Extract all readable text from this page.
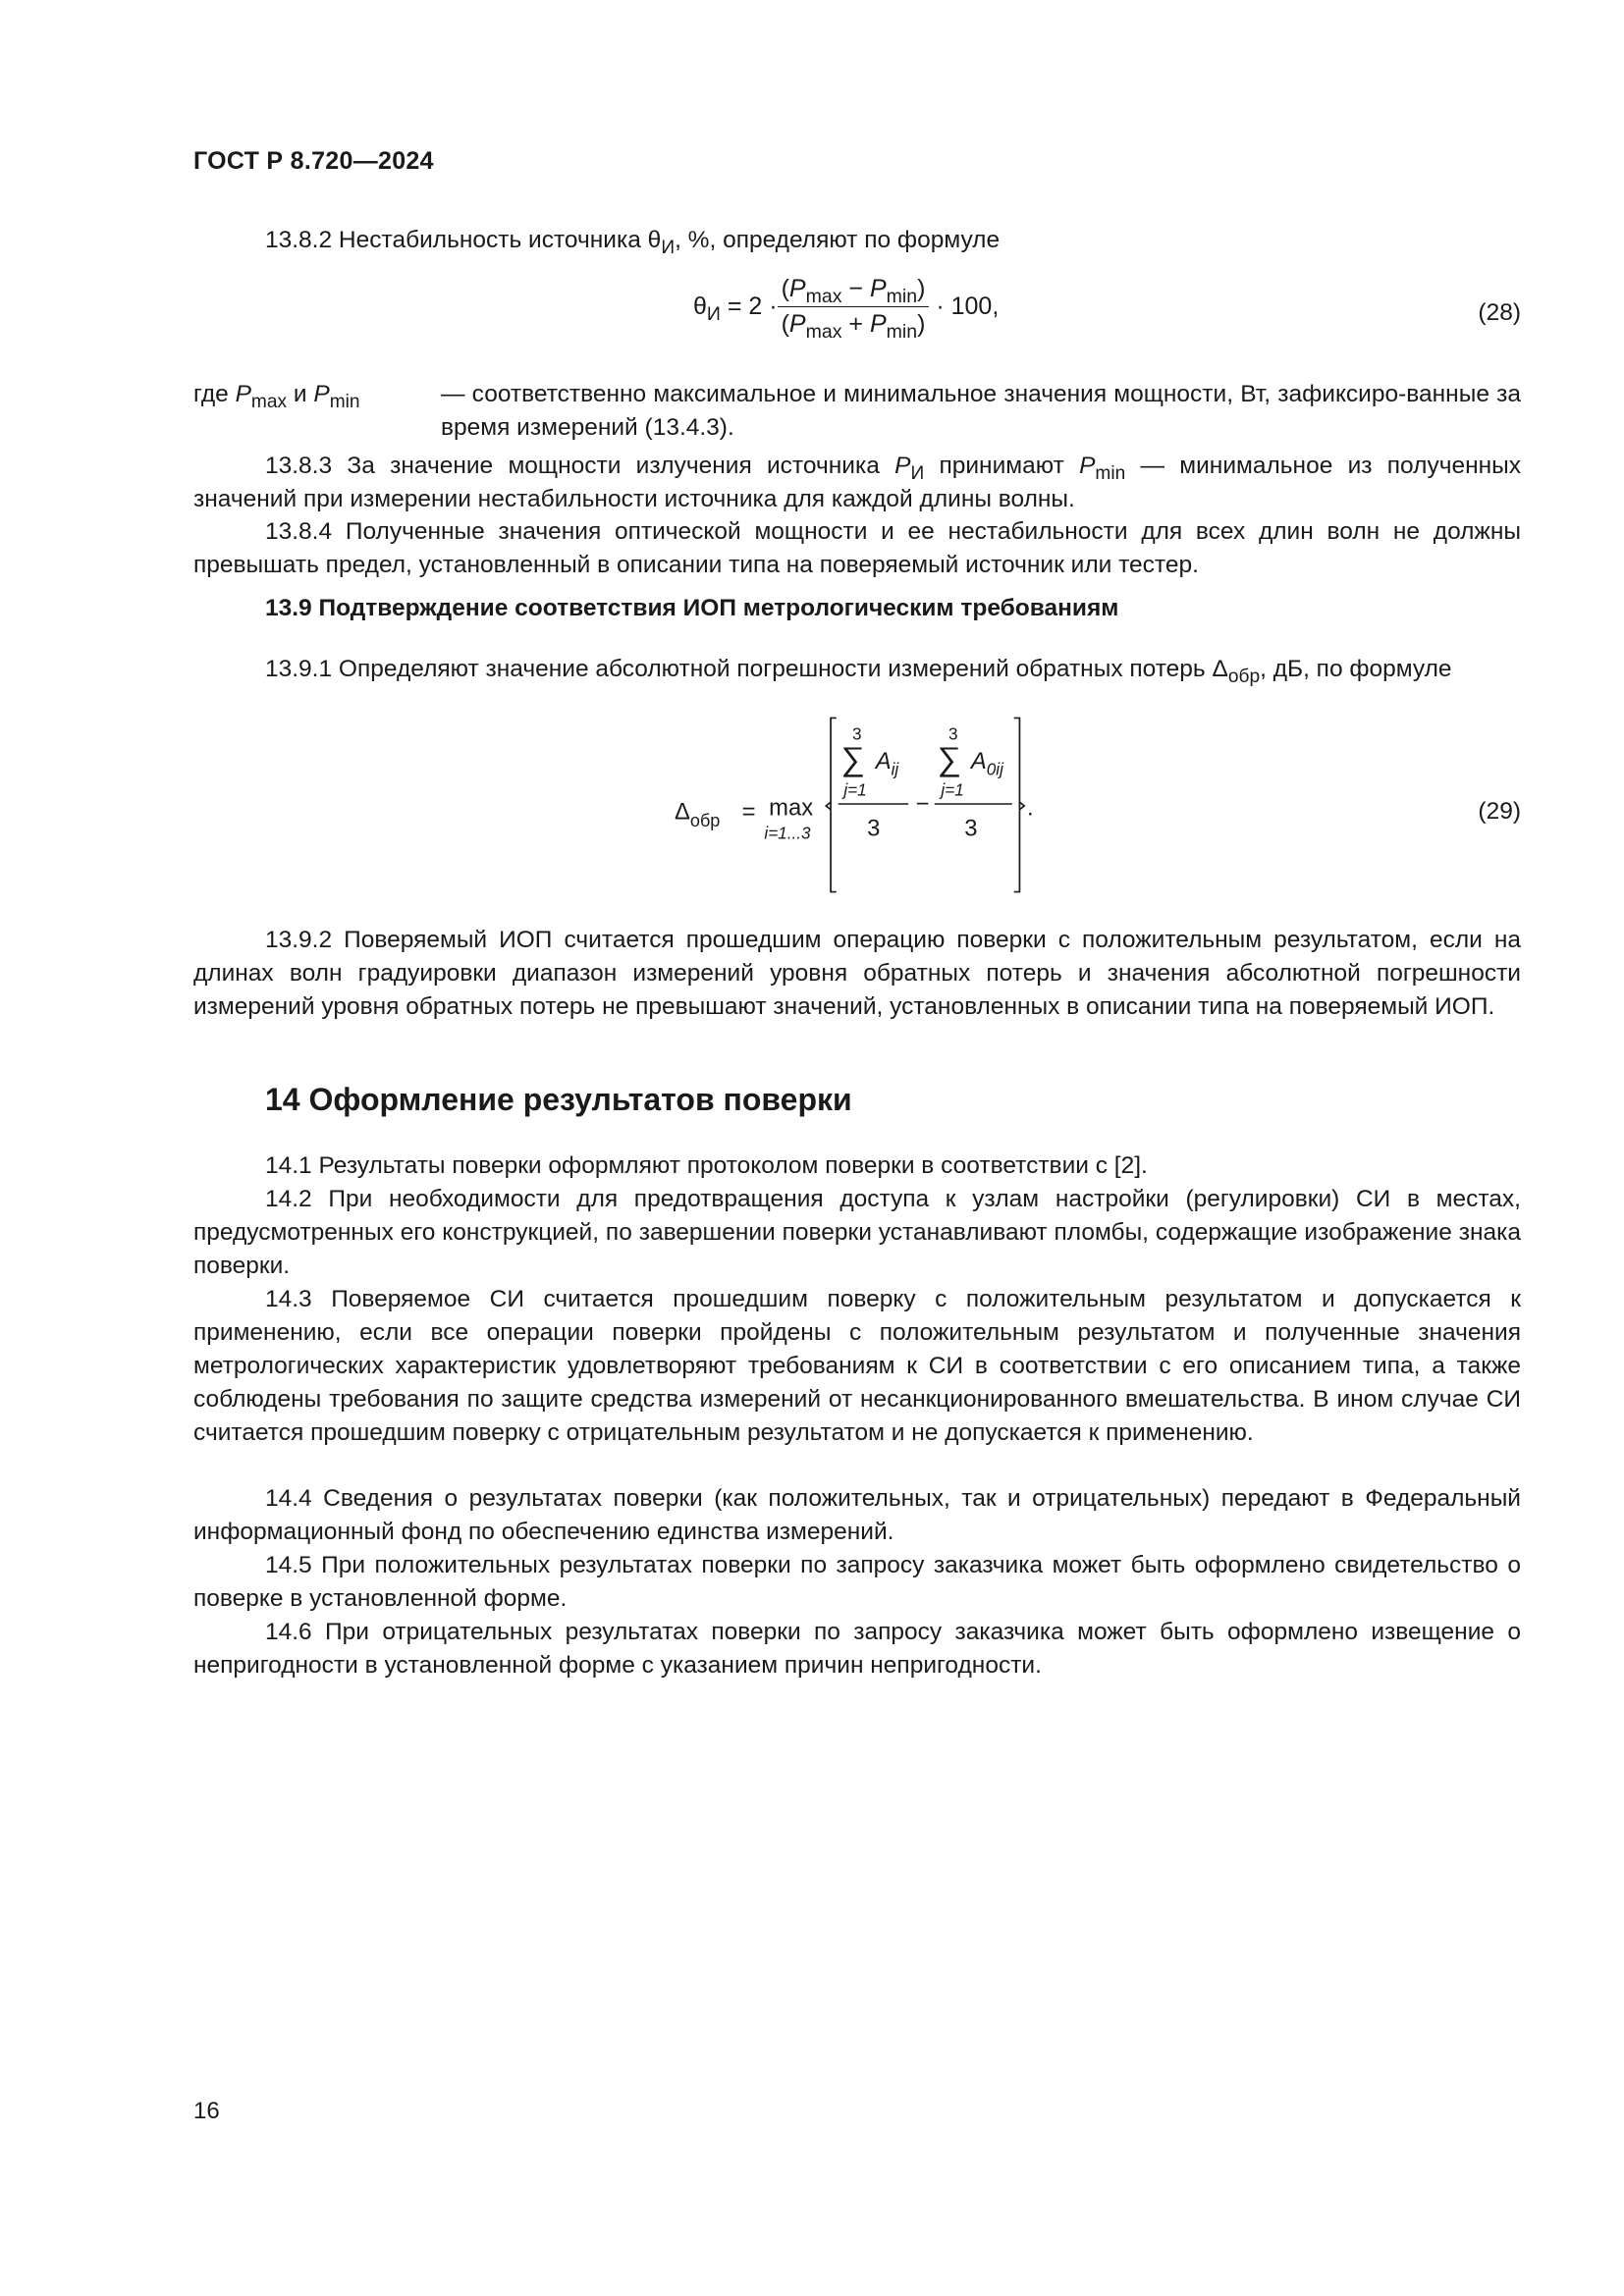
ГОСТ Р 8.720—2024
13.8.2 Нестабильность источника $\theta_И$, %, определяют по формуле
$\theta_И = 2 \cdot \frac{(P_{max} - P_{min})}{(P_{max} + P_{min})} \cdot 100$,	(28)
где $P_{max}$ и $P_{min}$	— соответственно максимальное и минимальное значения мощности, Вт, зафиксиро-ванные за время измерений (13.4.3).
13.8.3 За значение мощности излучения источника $P_И$ принимают $P_{min}$ — минимальное из полученных значений при измерении нестабильности источника для каждой длины волны.
13.8.4 Полученные значения оптической мощности и ее нестабильности для всех длин волн не должны превышать предел, установленный в описании типа на поверяемый источник или тестер.
13.9 Подтверждение соответствия ИОП метрологическим требованиям
13.9.1 Определяют значение абсолютной погрешности измерений обратных потерь $\Delta_{обр}$, дБ, по формуле
$\Delta_{обр} = \max$
i=1...3
3
∑ $A_{ij}$
j=1
3
−
3
∑ $A_{0ij}$
j=1
3
.	(29)
13.9.2 Поверяемый ИОП считается прошедшим операцию поверки с положительным результатом, если на длинах волн градуировки диапазон измерений уровня обратных потерь и значения абсолютной погрешности измерений уровня обратных потерь не превышают значений, установленных в описании типа на поверяемый ИОП.
14 Оформление результатов поверки
14.1 Результаты поверки оформляют протоколом поверки в соответствии с [2].
14.2 При необходимости для предотвращения доступа к узлам настройки (регулировки) СИ в местах, предусмотренных его конструкцией, по завершении поверки устанавливают пломбы, содержащие изображение знака поверки.
14.3 Поверяемое СИ считается прошедшим поверку с положительным результатом и допускается к применению, если все операции поверки пройдены с положительным результатом и полученные значения метрологических характеристик удовлетворяют требованиям к СИ в соответствии с его описанием типа, а также соблюдены требования по защите средства измерений от несанкционированного вмешательства. В ином случае СИ считается прошедшим поверку с отрицательным результатом и не допускается к применению.
14.4 Сведения о результатах поверки (как положительных, так и отрицательных) передают в Федеральный информационный фонд по обеспечению единства измерений.
14.5 При положительных результатах поверки по запросу заказчика может быть оформлено свидетельство о поверке в установленной форме.
14.6 При отрицательных результатах поверки по запросу заказчика может быть оформлено извещение о непригодности в установленной форме с указанием причин непригодности.
16
